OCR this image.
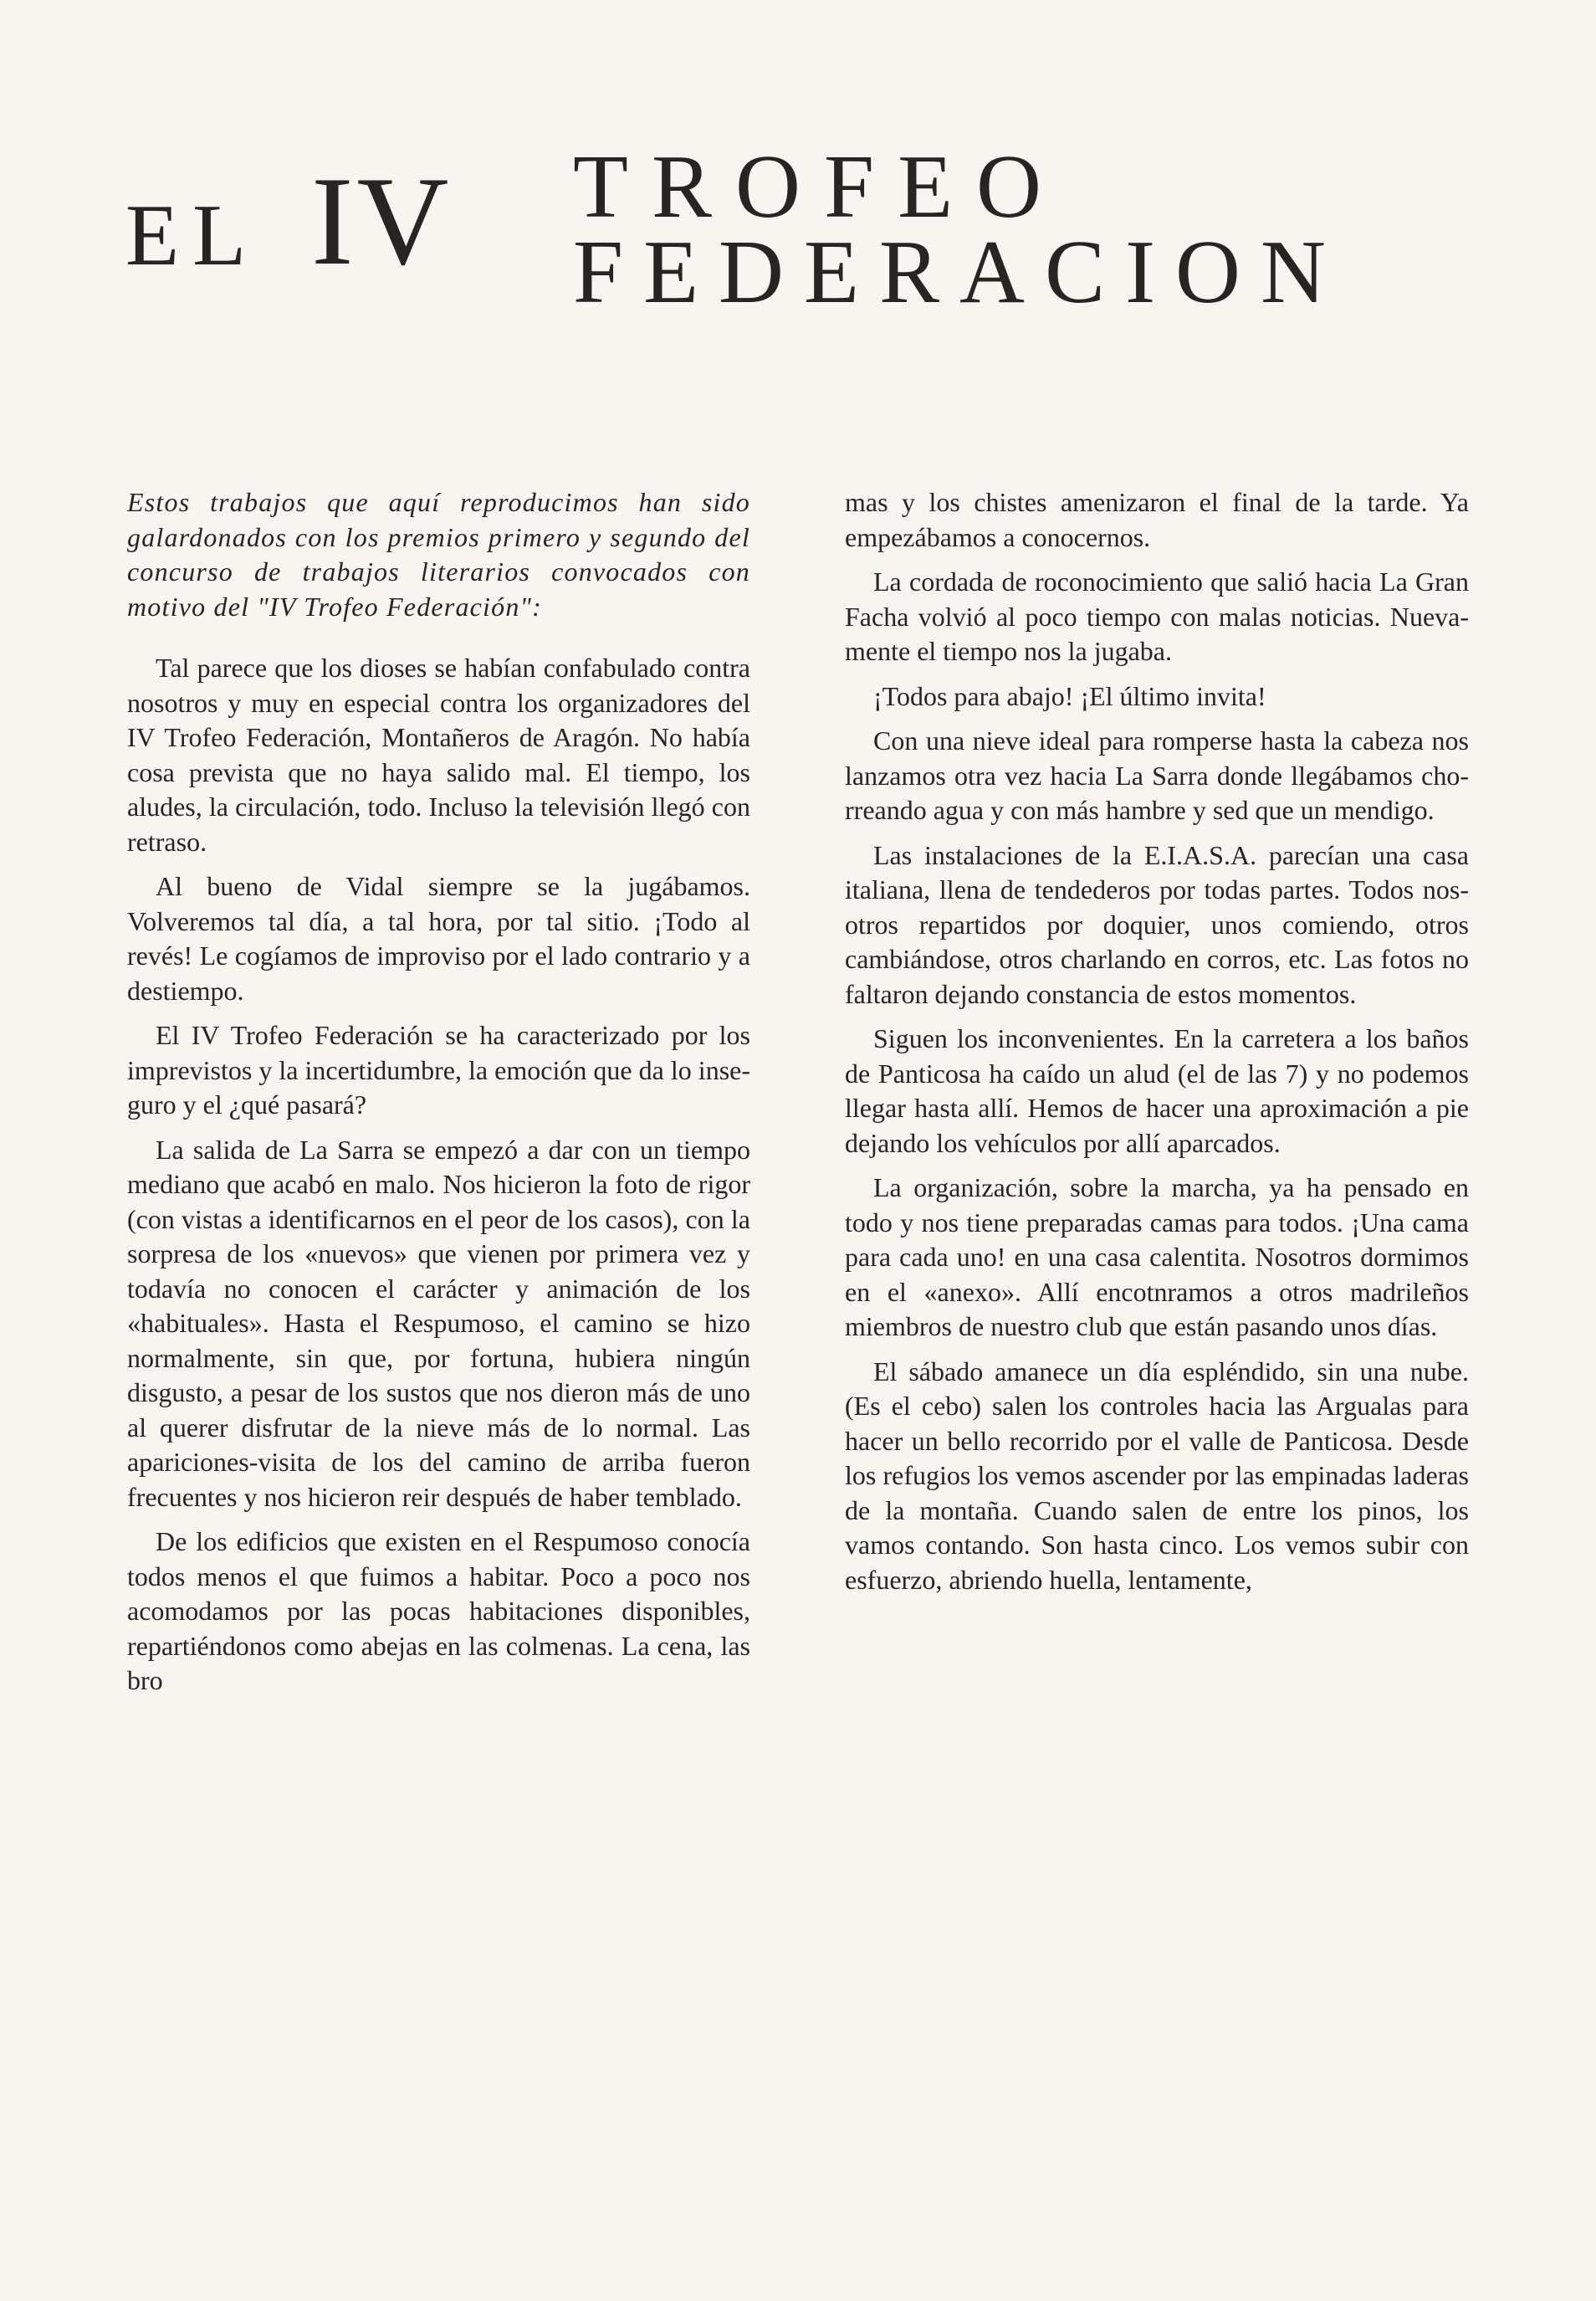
EL IV TROFEO
FEDERACION

Estos trabajos que aquí reproducimos han sido galardonados con los premios primero y segundo del concurso de trabajos literarios convocados con motivo del "IV Trofeo Federación":

Tal parece que los dioses se habían confabulado contra nosotros y muy en especial contra los organizadores del IV Trofeo Federación, Montañeros de Aragón. No había cosa prevista que no haya salido mal. El tiempo, los aludes, la circulación, todo. Incluso la televisión llegó con retraso.

Al bueno de Vidal siempre se la jugábamos. Volveremos tal día, a tal hora, por tal sitio. ¡Todo al revés! Le cogíamos de improviso por el lado contrario y a destiempo.

El IV Trofeo Federación se ha caracterizado por los imprevistos y la incertidumbre, la emoción que da lo inseguro y el ¿qué pasará?

La salida de La Sarra se empezó a dar con un tiempo mediano que acabó en malo. Nos hicieron la foto de rigor (con vistas a identificarnos en el peor de los casos), con la sorpresa de los «nuevos» que vienen por primera vez y todavía no conocen el carácter y animación de los «habituales». Hasta el Respumoso, el camino se hizo normalmente, sin que, por fortuna, hubiera ningún disgusto, a pesar de los sustos que nos dieron más de uno al querer disfrutar de la nieve más de lo normal. Las apariciones-visita de los del camino de arriba fueron frecuentes y nos hicieron reir después de haber temblado.

De los edificios que existen en el Respumoso conocía todos menos el que fuimos a habitar. Poco a poco nos acomodamos por las pocas habitaciones disponibles, repartiéndonos como abejas en las colmenas. La cena, las bro

mas y los chistes amenizaron el final de la tarde. Ya empezábamos a conocernos.

La cordada de roconocimiento que salió hacia La Gran Facha volvió al poco tiempo con malas noticias. Nuevamente el tiempo nos la jugaba.

¡Todos para abajo! ¡El último invita!

Con una nieve ideal para romperse hasta la cabeza nos lanzamos otra vez hacia La Sarra donde llegábamos chorreando agua y con más hambre y sed que un mendigo.

Las instalaciones de la E.I.A.S.A. parecían una casa italiana, llena de tendederos por todas partes. Todos nosotros repartidos por doquier, unos comiendo, otros cambiándose, otros charlando en corros, etc. Las fotos no faltaron dejando constancia de estos momentos.

Siguen los inconvenientes. En la carretera a los baños de Panticosa ha caído un alud (el de las 7) y no podemos llegar hasta allí. Hemos de hacer una aproximación a pie dejando los vehículos por allí aparcados.

La organización, sobre la marcha, ya ha pensado en todo y nos tiene preparadas camas para todos. ¡Una cama para cada uno! en una casa calentita. Nosotros dormimos en el «anexo». Allí encotnramos a otros madrileños miembros de nuestro club que están pasando unos días.

El sábado amanece un día espléndido, sin una nube. (Es el cebo) salen los controles hacia las Argualas para hacer un bello recorrido por el valle de Panticosa. Desde los refugios los vemos ascender por las empinadas laderas de la montaña. Cuando salen de entre los pinos, los vamos contando. Son hasta cinco. Los vemos subir con esfuerzo, abriendo huella, lentamente,
